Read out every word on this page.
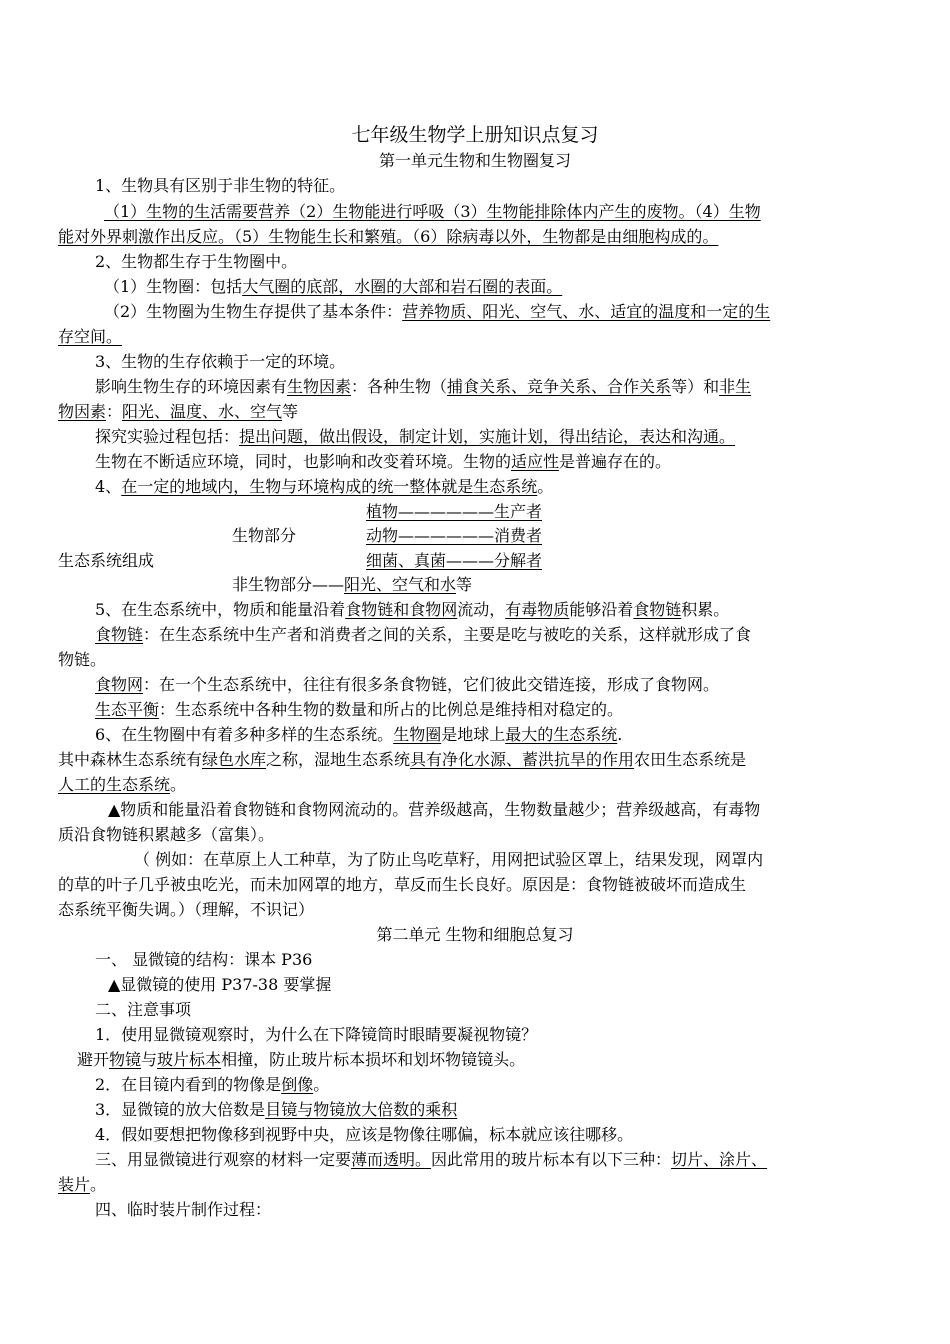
七年级生物学上册知识点复习
第一单元生物和生物圈复习
1、生物具有区别于非生物的特征。
（1）生物的生活需要营养（2）生物能进行呼吸（3）生物能排除体内产生的废物。（4）生物
能对外界刺激作出反应。（5）生物能生长和繁殖。（6）除病毒以外，生物都是由细胞构成的。
2、生物都生存于生物圈中。
（1）生物圈：包括大气圈的底部，水圈的大部和岩石圈的表面。
（2）生物圈为生物生存提供了基本条件：营养物质、阳光、空气、水、适宜的温度和一定的生
存空间。
3、生物的生存依赖于一定的环境。
影响生物生存的环境因素有生物因素：各种生物（捕食关系、竞争关系、合作关系等）和非生
物因素：阳光、温度、水、空气等
探究实验过程包括：提出问题，做出假设，制定计划，实施计划，得出结论，表达和沟通。
生物在不断适应环境，同时，也影响和改变着环境。生物的适应性是普遍存在的。
4、在一定的地域内，生物与环境构成的统一整体就是生态系统。
植物——————生产者
生物部分	动物——————消费者
生态系统组成	细菌、真菌———分解者
非生物部分——阳光、空气和水等
5、在生态系统中，物质和能量沿着食物链和食物网流动，有毒物质能够沿着食物链积累。
食物链：在生态系统中生产者和消费者之间的关系，主要是吃与被吃的关系，这样就形成了食
物链。
食物网：在一个生态系统中，往往有很多条食物链，它们彼此交错连接，形成了食物网。
生态平衡：生态系统中各种生物的数量和所占的比例总是维持相对稳定的。
6、在生物圈中有着多种多样的生态系统。生物圈是地球上最大的生态系统.
其中森林生态系统有绿色水库之称，湿地生态系统具有净化水源、蓄洪抗旱的作用农田生态系统是
人工的生态系统。
▲物质和能量沿着食物链和食物网流动的。营养级越高，生物数量越少；营养级越高，有毒物
质沿食物链积累越多（富集）。
（ 例如：在草原上人工种草，为了防止鸟吃草籽，用网把试验区罩上，结果发现，网罩内
的草的叶子几乎被虫吃光，而未加网罩的地方，草反而生长良好。原因是：食物链被破坏而造成生
态系统平衡失调。）（理解，不识记）
第二单元 生物和细胞总复习
一、 显微镜的结构：课本 P36
▲显微镜的使用 P37-38 要掌握
二、注意事项
1．使用显微镜观察时，为什么在下降镜筒时眼睛要凝视物镜？
避开物镜与玻片标本相撞，防止玻片标本损坏和划坏物镜镜头。
2．在目镜内看到的物像是倒像。
3．显微镜的放大倍数是目镜与物镜放大倍数的乘积
4．假如要想把物像移到视野中央，应该是物像往哪偏，标本就应该往哪移。
三、用显微镜进行观察的材料一定要薄而透明。因此常用的玻片标本有以下三种：切片、涂片、
装片。
四、临时装片制作过程：
